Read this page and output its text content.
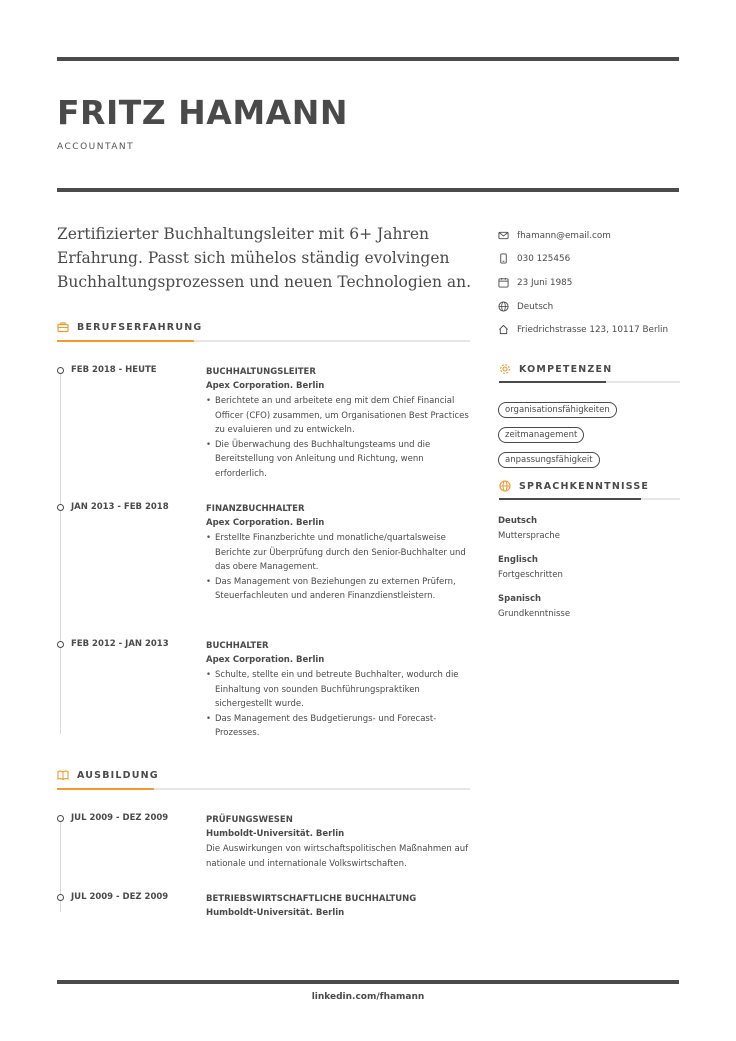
FRITZ HAMANN
ACCOUNTANT
Zertifizierter Buchhaltungsleiter mit 6+ Jahren Erfahrung. Passt sich mühelos ständig evolvingen Buchhaltungsprozessen und neuen Technologien an.
BERUFSERFAHRUNG
FEB 2018 - HEUTE	BUCHHALTUNGSLEITER
Apex Corporation. Berlin
• Berichtete an und arbeitete eng mit dem Chief Financial Officer (CFO) zusammen, um Organisationen Best Practices zu evaluieren und zu entwickeln.
• Die Überwachung des Buchhaltungsteams und die Bereitstellung von Anleitung und Richtung, wenn erforderlich.
JAN 2013 - FEB 2018	FINANZBUCHHALTER
Apex Corporation. Berlin
• Erstellte Finanzberichte und monatliche/quartalsweise Berichte zur Überprüfung durch den Senior-Buchhalter und das obere Management.
• Das Management von Beziehungen zu externen Prüfern, Steuerfachleuten und anderen Finanzdienstleistern.
FEB 2012 - JAN 2013	BUCHHALTER
Apex Corporation. Berlin
• Schulte, stellte ein und betreute Buchhalter, wodurch die Einhaltung von sounden Buchführungspraktiken sichergestellt wurde.
• Das Management des Budgetierungs- und Forecast-Prozesses.
AUSBILDUNG
JUL 2009 - DEZ 2009	PRÜFUNGSWESEN
Humboldt-Universität. Berlin
Die Auswirkungen von wirtschaftspolitischen Maßnahmen auf nationale und internationale Volkswirtschaften.
JUL 2009 - DEZ 2009	BETRIEBSWIRTSCHAFTLICHE BUCHHALTUNG
Humboldt-Universität. Berlin
fhamann@email.com
030 125456
23 Juni 1985
Deutsch
Friedrichstrasse 123, 10117 Berlin
KOMPETENZEN
organisationsfähigkeiten
zeitmanagement
anpassungsfähigkeit
SPRACHKENNTNISSE
Deutsch
Muttersprache
Englisch
Fortgeschritten
Spanisch
Grundkenntnisse
linkedin.com/fhamann
